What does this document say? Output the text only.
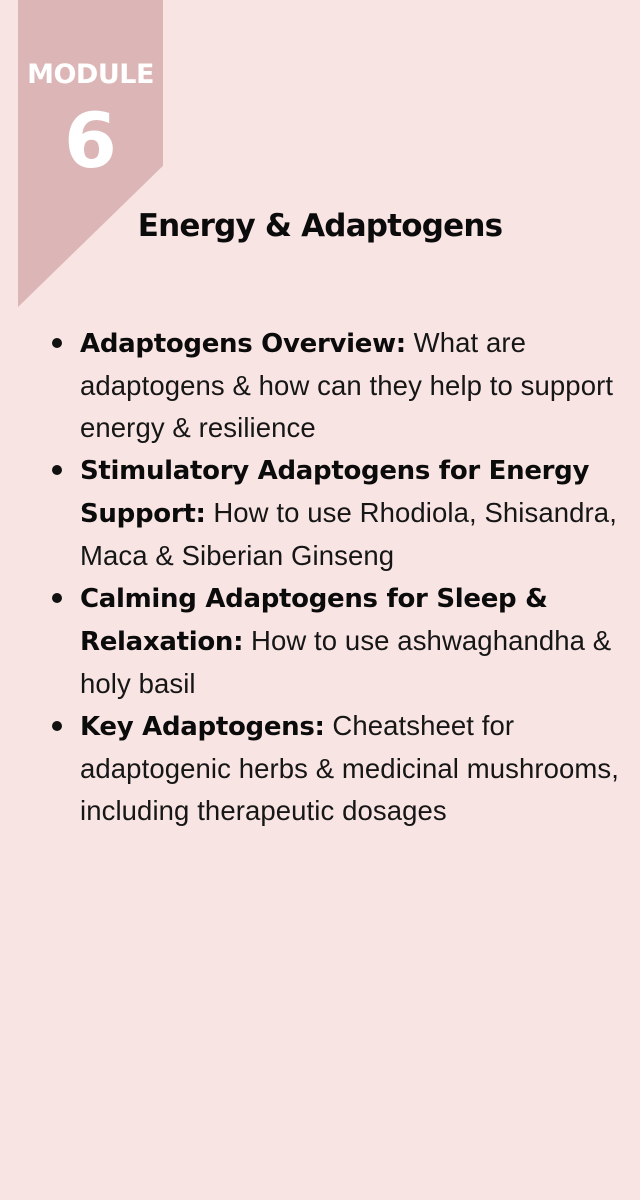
MODULE
6
Energy & Adaptogens
Adaptogens Overview: What are adaptogens & how can they help to support energy & resilience
Stimulatory Adaptogens for Energy Support: How to use Rhodiola, Shisandra, Maca & Siberian Ginseng
Calming Adaptogens for Sleep & Relaxation: How to use ashwaghandha & holy basil
Key Adaptogens: Cheatsheet for adaptogenic herbs & medicinal mushrooms, including therapeutic dosages
